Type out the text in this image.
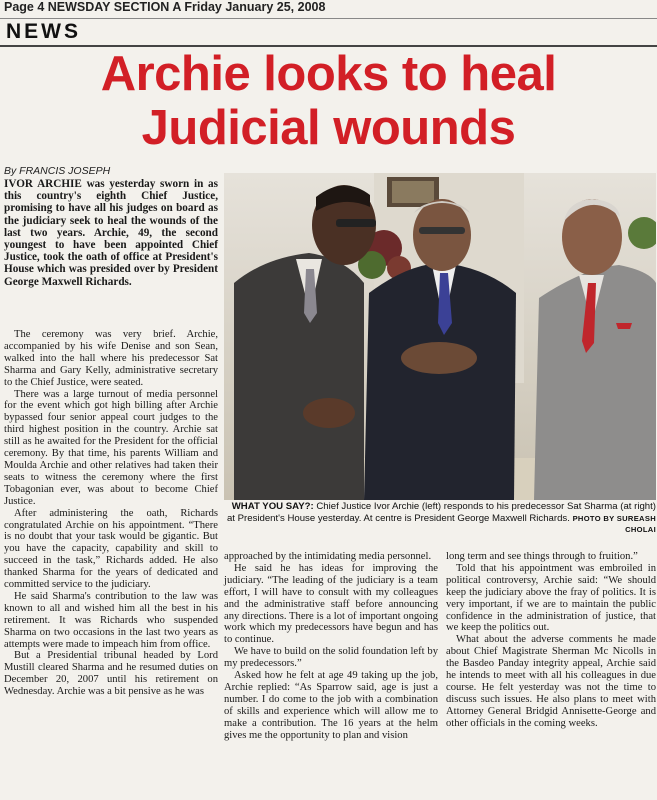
Page 4 NEWSDAY SECTION A Friday January 25, 2008
NEWS
Archie looks to heal
Judicial wounds
By FRANCIS JOSEPH

IVOR ARCHIE was yesterday sworn in as this country's eighth Chief Justice, promising to have all his judges on board as the judiciary seek to heal the wounds of the last two years. Archie, 49, the second youngest to have been appointed Chief Justice, took the oath of office at President's House which was presided over by President George Maxwell Richards.

The ceremony was very brief. Archie, accompanied by his wife Denise and son Sean, walked into the hall where his predecessor Sat Sharma and Gary Kelly, administrative secretary to the Chief Justice, were seated.

There was a large turnout of media personnel for the event which got high billing after Archie bypassed four senior appeal court judges to the third highest position in the country. Archie sat still as he awaited for the President for the official ceremony. By that time, his parents William and Moulda Archie and other relatives had taken their seats to witness the ceremony where the first Tobagonian ever, was about to become Chief Justice.

After administering the oath, Richards congratulated Archie on his appointment. “There is no doubt that your task would be gigantic. But you have the capacity, capability and skill to succeed in the task,” Richards added. He also thanked Sharma for the years of dedicated and committed service to the judiciary.

He said Sharma's contribution to the law was known to all and wished him all the best in his retirement. It was Richards who suspended Sharma on two occasions in the last two years as attempts were made to impeach him from office.

But a Presidential tribunal headed by Lord Mustill cleared Sharma and he resumed duties on December 20, 2007 until his retirement on Wednesday. Archie was a bit pensive as he was

WHAT YOU SAY?: Chief Justice Ivor Archie (left) responds to his predecessor Sat Sharma (at right) at President's House yesterday. At centre is President George Maxwell Richards. PHOTO BY SUREASH CHOLAI

approached by the intimidating media personnel.

He said he has ideas for improving the judiciary. “The leading of the judiciary is a team effort, I will have to consult with my colleagues and the administrative staff before announcing any directions. There is a lot of important ongoing work which my predecessors have begun and has to continue.

We have to build on the solid foundation left by my predecessors.”

Asked how he felt at age 49 taking up the job, Archie replied: “As Sparrow said, age is just a number. I do come to the job with a combination of skills and experience which will allow me to make a contribution. The 16 years at the helm gives me the opportunity to plan and vision

long term and see things through to fruition.”

Told that his appointment was embroiled in political controversy, Archie said: “We should keep the judiciary above the fray of politics. It is very important, if we are to maintain the public confidence in the administration of justice, that we keep the politics out.

What about the adverse comments he made about Chief Magistrate Sherman Mc Nicolls in the Basdeo Panday integrity appeal, Archie said he intends to meet with all his colleagues in due course. He felt yesterday was not the time to discuss such issues. He also plans to meet with Attorney General Bridgid Annisette-George and other officials in the coming weeks.
